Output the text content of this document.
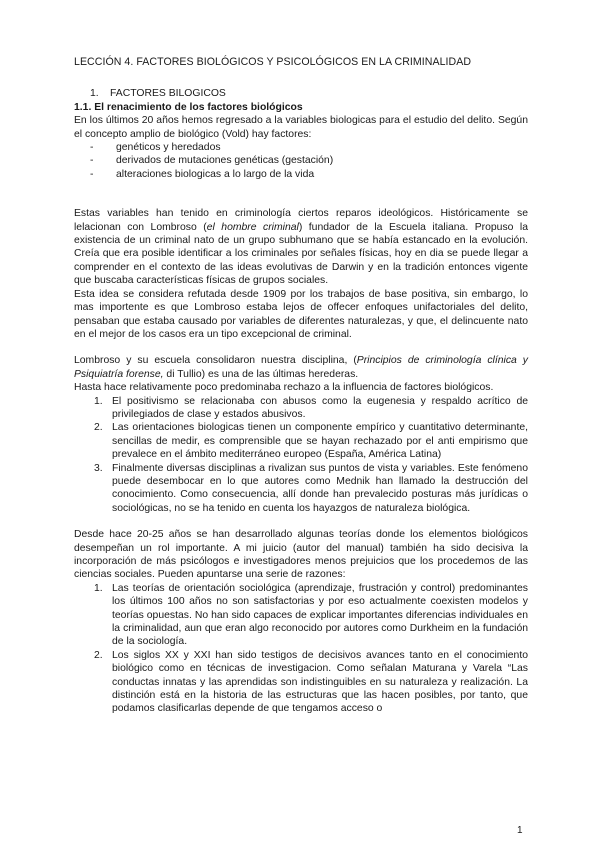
LECCIÓN 4. FACTORES BIOLÓGICOS Y PSICOLÓGICOS EN LA CRIMINALIDAD
1.	FACTORES BILOGICOS
1.1. El renacimiento de los factores biológicos

En los últimos 20 años hemos regresado a la variables biologicas para el estudio del delito. Según el concepto amplio de biológico (Vold) hay factores:

-	genéticos y heredados
-	derivados de mutaciones genéticas (gestación)
-	alteraciones biologicas a lo largo de la vida

Estas variables han tenido en criminología ciertos reparos ideológicos. Históricamente se lelacionan con Lombroso (el hombre criminal) fundador de la Escuela italiana. Propuso la existencia de un criminal nato de un grupo subhumano que se había estancado en la evolución. Creía que era posible identificar a los criminales por señales físicas, hoy en dia se puede llegar a comprender en el contexto de las ideas evolutivas de Darwin y en la tradición entonces vigente que buscaba características físicas de grupos sociales.

Esta idea se considera refutada desde 1909 por los trabajos de base positiva, sin embargo, lo mas importente es que Lombroso estaba lejos de offecer enfoques unifactoriales del delito, pensaban que estaba causado por variables de diferentes naturalezas, y que, el delincuente nato en el mejor de los casos era un tipo excepcional de criminal.

Lombroso y su escuela consolidaron nuestra disciplina, (Principios de criminología clínica y Psiquiatría forense, di Tullio) es una de las últimas herederas.

Hasta hace relativamente poco predominaba rechazo a la influencia de factores biológicos.

1. El positivismo se relacionaba con abusos como la eugenesia y respaldo acrítico de privilegiados de clase y estados abusivos.
2. Las orientaciones biologicas tienen un componente empírico y cuantitativo determinante, sencillas de medir, es comprensible que se hayan rechazado por el anti empirismo que prevalece en el ámbito mediterráneo europeo (España, América Latina)
3. Finalmente diversas disciplinas a rivalizan sus puntos de vista y variables. Este fenómeno puede desembocar en lo que autores como Mednik han llamado la destrucción del conocimiento. Como consecuencia, allí donde han prevalecido posturas más jurídicas o sociológicas, no se ha tenido en cuenta los hayazgos de naturaleza biológica.

Desde hace 20-25 años se han desarrollado algunas teorías donde los elementos biológicos desempeñan un rol importante. A mi juicio (autor del manual) también ha sido decisiva la incorporación de más psicólogos e investigadores menos prejuicios que los procedemos de las ciencias sociales. Pueden apuntarse una serie de razones:

1. Las teorías de orientación sociológica (aprendizaje, frustración y control) predominantes los últimos 100 años no son satisfactorias y por eso actualmente coexisten modelos y teorías opuestas. No han sido capaces de explicar importantes diferencias individuales en la criminalidad, aun que eran algo reconocido por autores como Durkheim en la fundación de la sociología.
2. Los siglos XX y XXI han sido testigos de decisivos avances tanto en el conocimiento biológico como en técnicas de investigacion. Como señalan Maturana y Varela “Las conductas innatas y las aprendidas son indistinguibles en su naturaleza y realización. La distinción está en la historia de las estructuras que las hacen posibles, por tanto, que podamos clasificarlas depende de que tengamos acceso o
1
